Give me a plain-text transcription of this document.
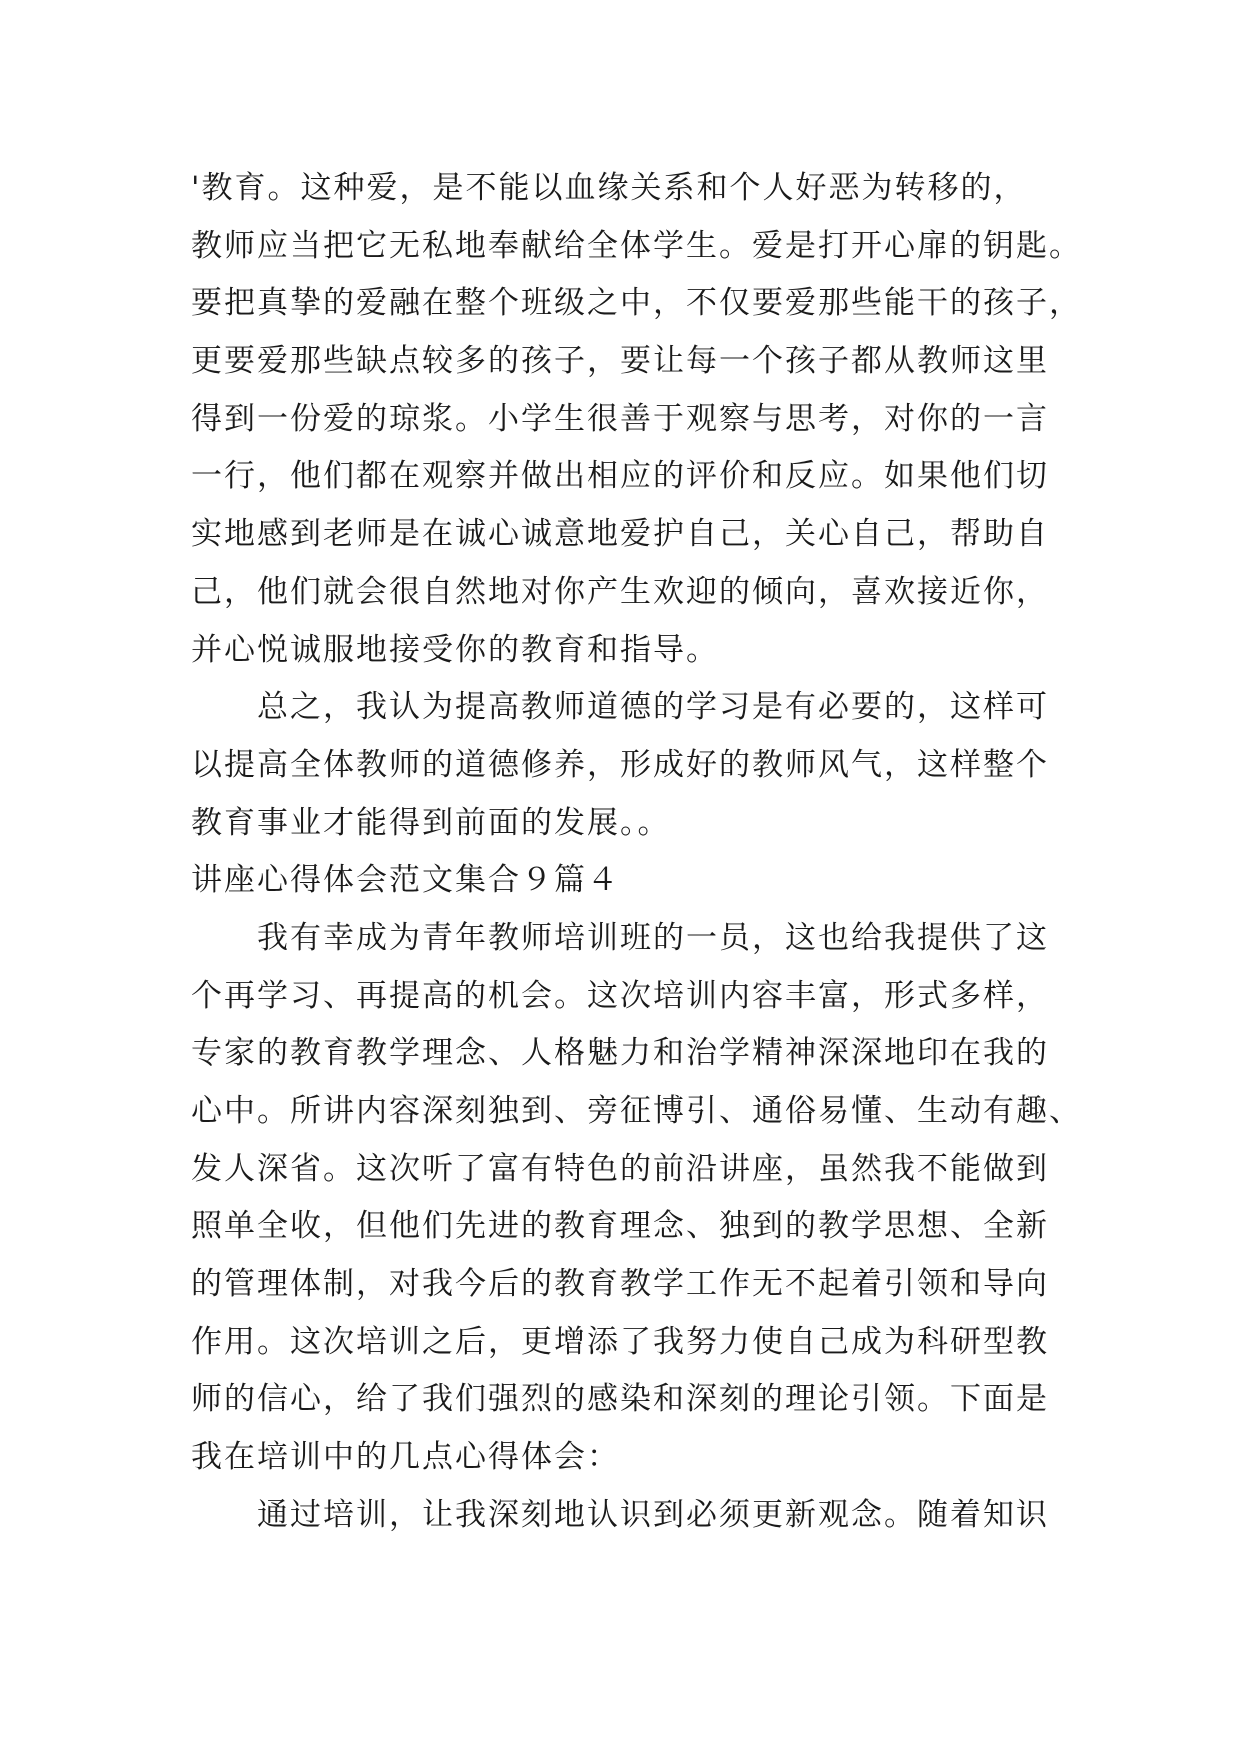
'教育。这种爱，是不能以血缘关系和个人好恶为转移的，
教师应当把它无私地奉献给全体学生。爱是打开心扉的钥匙。
要把真挚的爱融在整个班级之中，不仅要爱那些能干的孩子，
更要爱那些缺点较多的孩子，要让每一个孩子都从教师这里
得到一份爱的琼浆。小学生很善于观察与思考，对你的一言
一行，他们都在观察并做出相应的评价和反应。如果他们切
实地感到老师是在诚心诚意地爱护自己，关心自己，帮助自
己，他们就会很自然地对你产生欢迎的倾向，喜欢接近你，
并心悦诚服地接受你的教育和指导。
　　总之，我认为提高教师道德的学习是有必要的，这样可
以提高全体教师的道德修养，形成好的教师风气，这样整个
教育事业才能得到前面的发展。。
讲座心得体会范文集合９篇４
　　我有幸成为青年教师培训班的一员，这也给我提供了这
个再学习、再提高的机会。这次培训内容丰富，形式多样，
专家的教育教学理念、人格魅力和治学精神深深地印在我的
心中。所讲内容深刻独到、旁征博引、通俗易懂、生动有趣、
发人深省。这次听了富有特色的前沿讲座，虽然我不能做到
照单全收，但他们先进的教育理念、独到的教学思想、全新
的管理体制，对我今后的教育教学工作无不起着引领和导向
作用。这次培训之后，更增添了我努力使自己成为科研型教
师的信心，给了我们强烈的感染和深刻的理论引领。下面是
我在培训中的几点心得体会：
　　通过培训，让我深刻地认识到必须更新观念。随着知识
